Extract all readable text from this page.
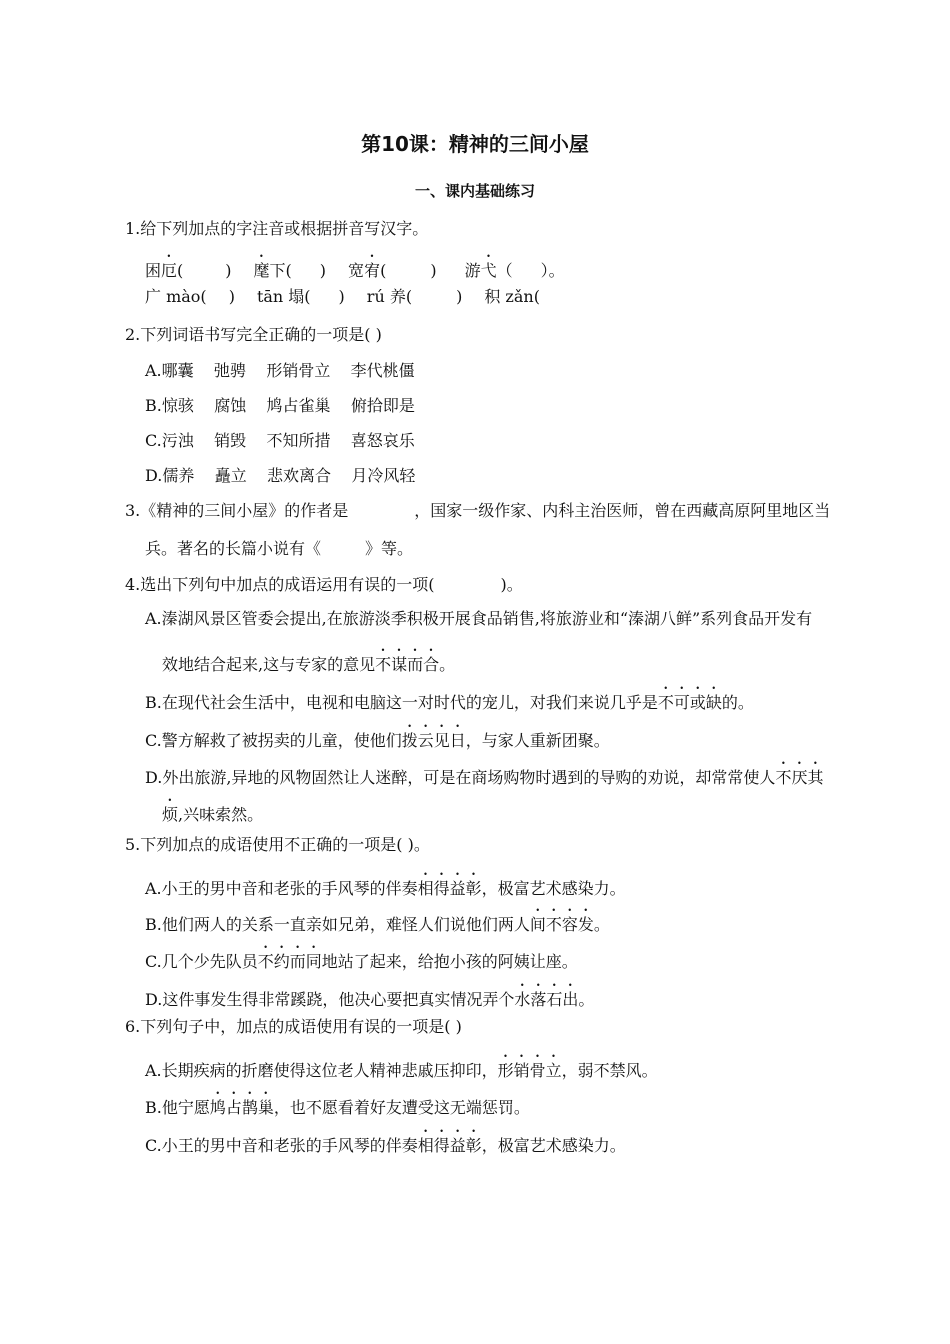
第10课：精神的三间小屋
一、课内基础练习
1.给下列加点的字注音或根据拼音写汉字。
困厄(	) 麾下( ) 宽宥(	) 游弋（ ）。
广 mào( ) tān 塌( ) rú 养(	) 积 zǎn(
2.下列词语书写完全正确的一项是( )
A.哪囊    弛骋    形销骨立    李代桃僵
B.惊骇    腐蚀    鸠占雀巢    俯拾即是
C.污浊    销毁    不知所措    喜怒哀乐
D.儒养    矗立    悲欢离合    月冷风轻
3.《精神的三间小屋》的作者是	，国家一级作家、内科主治医师，曾在西藏高原阿里地区当
兵。著名的长篇小说有《	》等。
4.选出下列句中加点的成语运用有误的一项(	)。
A.溱湖风景区管委会提出,在旅游淡季积极开展食品销售,将旅游业和“溱湖八鲜”系列食品开发有
效地结合起来,这与专家的意见不谋而合。
B.在现代社会生活中，电视和电脑这一对时代的宠儿，对我们来说几乎是不可或缺的。
C.警方解救了被拐卖的儿童，使他们拨云见日，与家人重新团聚。
D.外出旅游,异地的风物固然让人迷醉，可是在商场购物时遇到的导购的劝说，却常常使人不厌其
烦,兴味索然。
5.下列加点的成语使用不正确的一项是( )。
A.小王的男中音和老张的手风琴的伴奏相得益彰，极富艺术感染力。
B.他们两人的关系一直亲如兄弟，难怪人们说他们两人间不容发。
C.几个少先队员不约而同地站了起来，给抱小孩的阿姨让座。
D.这件事发生得非常蹊跷，他决心要把真实情况弄个水落石出。
6.下列句子中，加点的成语使用有误的一项是( )
A.长期疾病的折磨使得这位老人精神悲戚压抑印，形销骨立，弱不禁风。
B.他宁愿鸠占鹊巢，也不愿看着好友遭受这无端惩罚。
C.小王的男中音和老张的手风琴的伴奏相得益彰，极富艺术感染力。
